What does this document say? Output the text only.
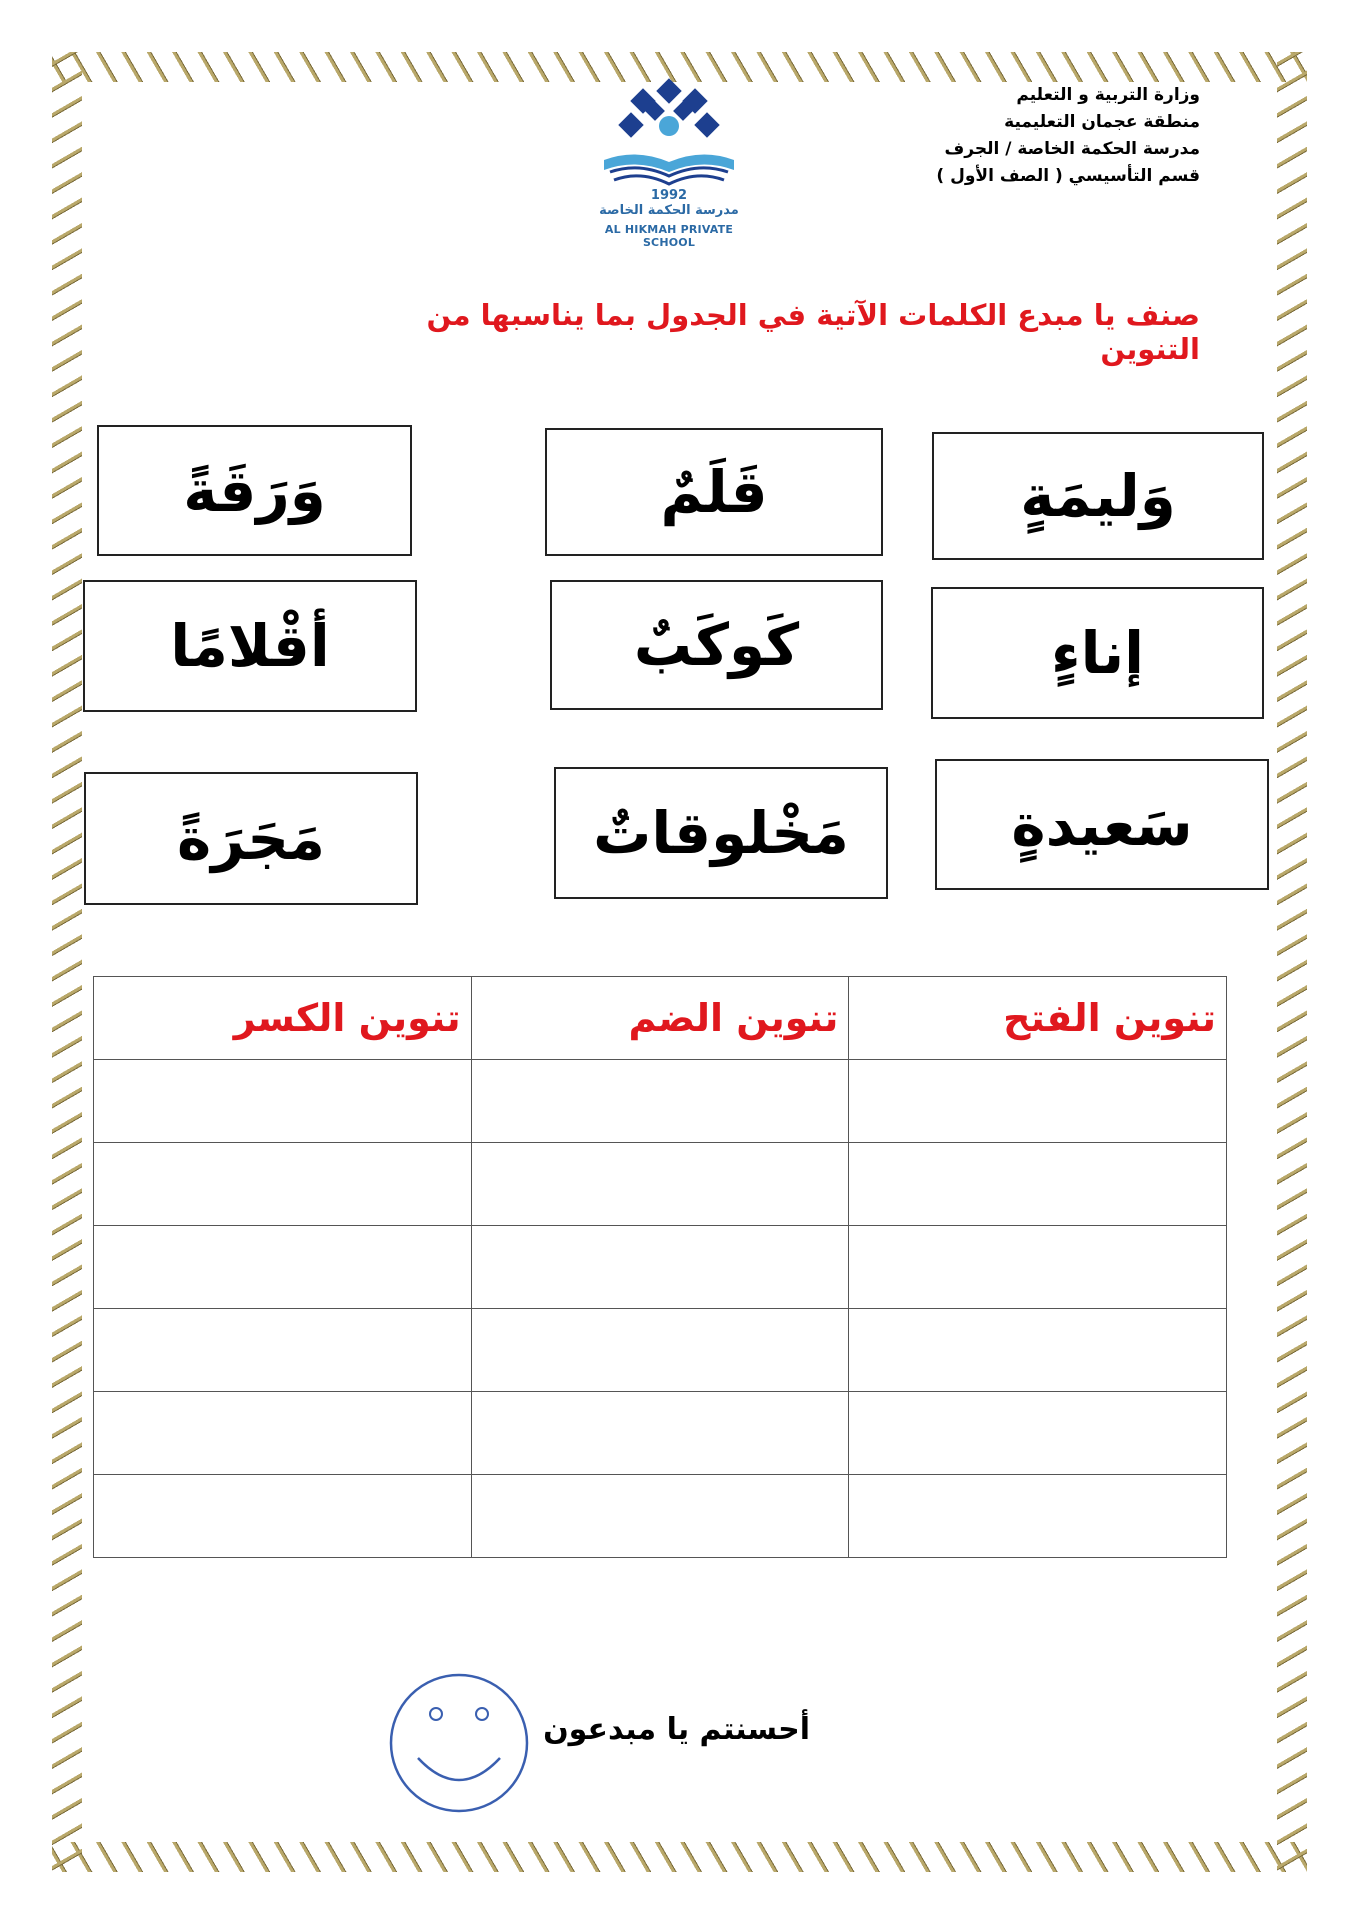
وزارة التربية و التعليم
منطقة عجمان التعليمية
مدرسة الحكمة الخاصة / الجرف
قسم التأسيسي ( الصف الأول )
1992
مدرسة الحكمة الخاصة
AL HIKMAH PRIVATE SCHOOL
صنف يا مبدع الكلمات الآتية في الجدول بما يناسبها من التنوين
وَليمَةٍ
قَلَمٌ
وَرَقَةً
إناءٍ
كَوكَبٌ
أقْلامًا
سَعيدةٍ
مَخْلوقاتٌ
مَجَرَةً
تنوين الفتح	تنوين الضم	تنوين الكسر

أحسنتم يا مبدعون
